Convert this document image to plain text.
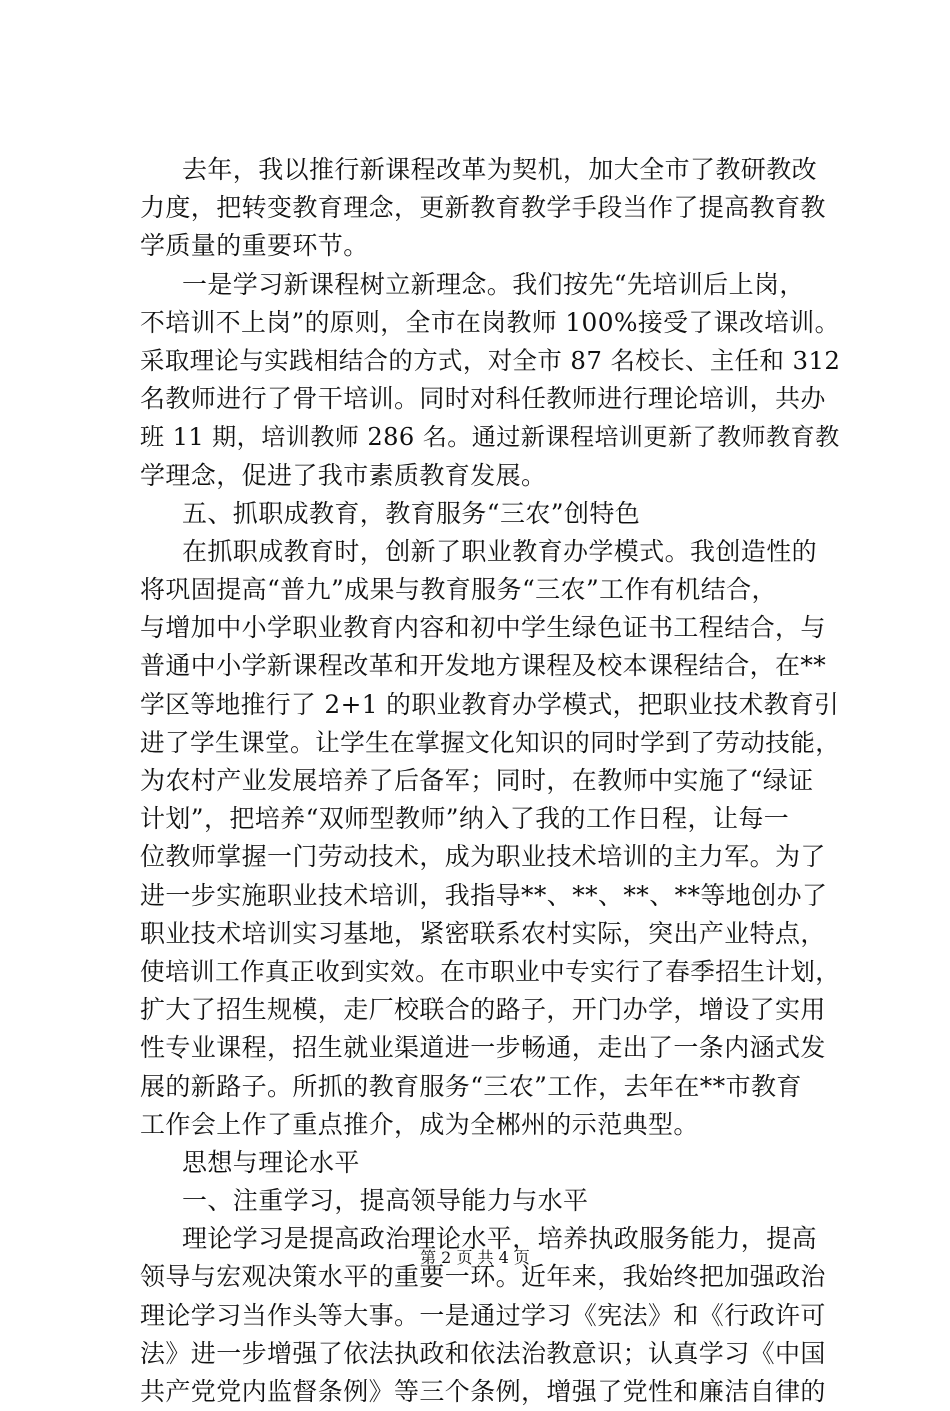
去年，我以推行新课程改革为契机，加大全市了教研教改
力度，把转变教育理念，更新教育教学手段当作了提高教育教
学质量的重要环节。
一是学习新课程树立新理念。我们按先“先培训后上岗，
不培训不上岗”的原则，全市在岗教师 100%接受了课改培训。
采取理论与实践相结合的方式，对全市 87 名校长、主任和 312
名教师进行了骨干培训。同时对科任教师进行理论培训，共办
班 11 期，培训教师 286 名。通过新课程培训更新了教师教育教
学理念，促进了我市素质教育发展。
五、抓职成教育，教育服务“三农”创特色
在抓职成教育时，创新了职业教育办学模式。我创造性的
将巩固提高“普九”成果与教育服务“三农”工作有机结合，
与增加中小学职业教育内容和初中学生绿色证书工程结合，与
普通中小学新课程改革和开发地方课程及校本课程结合，在**
学区等地推行了 2+1 的职业教育办学模式，把职业技术教育引
进了学生课堂。让学生在掌握文化知识的同时学到了劳动技能，
为农村产业发展培养了后备军；同时，在教师中实施了“绿证
计划”，把培养“双师型教师”纳入了我的工作日程，让每一
位教师掌握一门劳动技术，成为职业技术培训的主力军。为了
进一步实施职业技术培训，我指导**、**、**、**等地创办了
职业技术培训实习基地，紧密联系农村实际，突出产业特点，
使培训工作真正收到实效。在市职业中专实行了春季招生计划，
扩大了招生规模，走厂校联合的路子，开门办学，增设了实用
性专业课程，招生就业渠道进一步畅通，走出了一条内涵式发
展的新路子。所抓的教育服务“三农”工作，去年在**市教育
工作会上作了重点推介，成为全郴州的示范典型。
思想与理论水平
一、注重学习，提高领导能力与水平
理论学习是提高政治理论水平，培养执政服务能力，提高
领导与宏观决策水平的重要一环。近年来，我始终把加强政治
理论学习当作头等大事。一是通过学习《宪法》和《行政许可
法》进一步增强了依法执政和依法治教意识；认真学习《中国
共产党党内监督条例》等三个条例，增强了党性和廉洁自律的
第 2 页 共 4 页
